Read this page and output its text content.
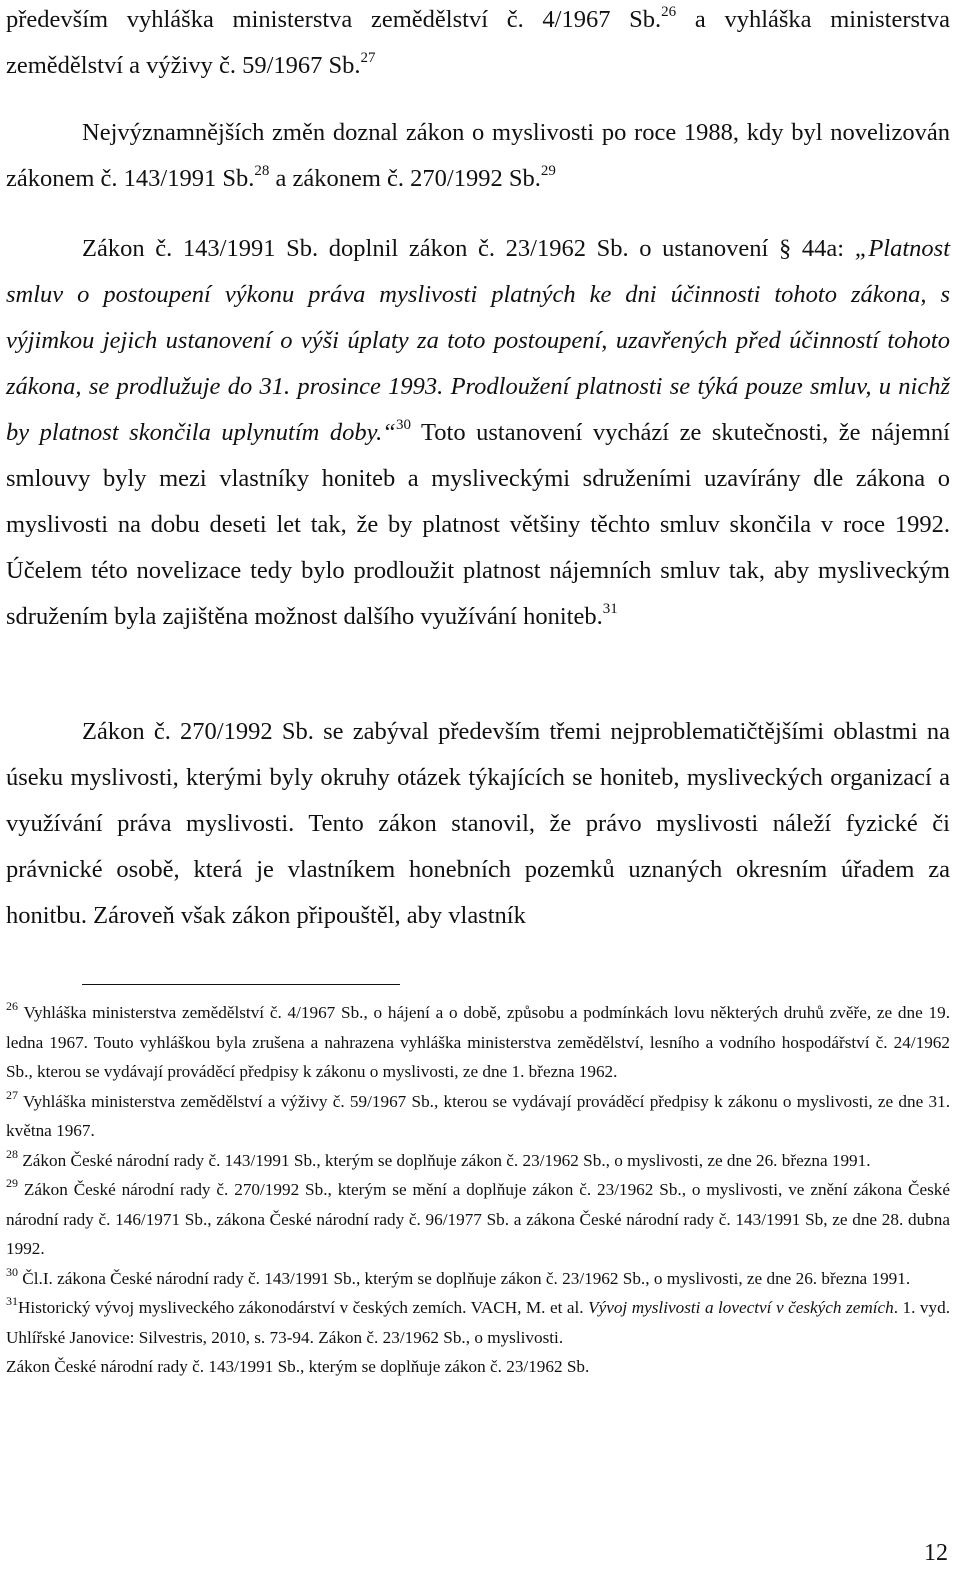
především vyhláška ministerstva zemědělství č. 4/1967 Sb.$^{26}$ a vyhláška ministerstva zemědělství a výživy č. 59/1967 Sb.$^{27}$

Nejvýznamnějších změn doznal zákon o myslivosti po roce 1988, kdy byl novelizován zákonem č. 143/1991 Sb.$^{28}$ a zákonem č. 270/1992 Sb.$^{29}$

Zákon č. 143/1991 Sb. doplnil zákon č. 23/1962 Sb. o ustanovení § 44a: „Platnost smluv o postoupení výkonu práva myslivosti platných ke dni účinnosti tohoto zákona, s výjimkou jejich ustanovení o výši úplaty za toto postoupení, uzavřených před účinností tohoto zákona, se prodlužuje do 31. prosince 1993. Prodloužení platnosti se týká pouze smluv, u nichž by platnost skončila uplynutím doby.“$^{30}$ Toto ustanovení vychází ze skutečnosti, že nájemní smlouvy byly mezi vlastníky honiteb a mysliveckými sdruženími uzavírány dle zákona o myslivosti na dobu deseti let tak, že by platnost většiny těchto smluv skončila v roce 1992. Účelem této novelizace tedy bylo prodloužit platnost nájemních smluv tak, aby mysliveckým sdružením byla zajištěna možnost dalšího využívání honiteb.$^{31}$

Zákon č. 270/1992 Sb. se zabýval především třemi nejproblematičtějšími oblastmi na úseku myslivosti, kterými byly okruhy otázek týkajících se honiteb, mysliveckých organizací a využívání práva myslivosti. Tento zákon stanovil, že právo myslivosti náleží fyzické či právnické osobě, která je vlastníkem honebních pozemků uznaných okresním úřadem za honitbu. Zároveň však zákon připouštěl, aby vlastník

$^{26}$ Vyhláška ministerstva zemědělství č. 4/1967 Sb., o hájení a o době, způsobu a podmínkách lovu některých druhů zvěře, ze dne 19. ledna 1967. Touto vyhláškou byla zrušena a nahrazena vyhláška ministerstva zemědělství, lesního a vodního hospodářství č. 24/1962 Sb., kterou se vydávají prováděcí předpisy k zákonu o myslivosti, ze dne 1. března 1962.

$^{27}$ Vyhláška ministerstva zemědělství a výživy č. 59/1967 Sb., kterou se vydávají prováděcí předpisy k zákonu o myslivosti, ze dne 31. května 1967.

$^{28}$ Zákon České národní rady č. 143/1991 Sb., kterým se doplňuje zákon č. 23/1962 Sb., o myslivosti, ze dne 26. března 1991.

$^{29}$ Zákon České národní rady č. 270/1992 Sb., kterým se mění a doplňuje zákon č. 23/1962 Sb., o myslivosti, ve znění zákona České národní rady č. 146/1971 Sb., zákona České národní rady č. 96/1977 Sb. a zákona České národní rady č. 143/1991 Sb, ze dne 28. dubna 1992.

$^{30}$ Čl.I. zákona České národní rady č. 143/1991 Sb., kterým se doplňuje zákon č. 23/1962 Sb., o myslivosti, ze dne 26. března 1991.

$^{31}$Historický vývoj mysliveckého zákonodárství v českých zemích. VACH, M. et al. Vývoj myslivosti a lovectví v českých zemích. 1. vyd. Uhlířské Janovice: Silvestris, 2010, s. 73-94. Zákon č. 23/1962 Sb., o myslivosti.

Zákon České národní rady č. 143/1991 Sb., kterým se doplňuje zákon č. 23/1962 Sb.

12
